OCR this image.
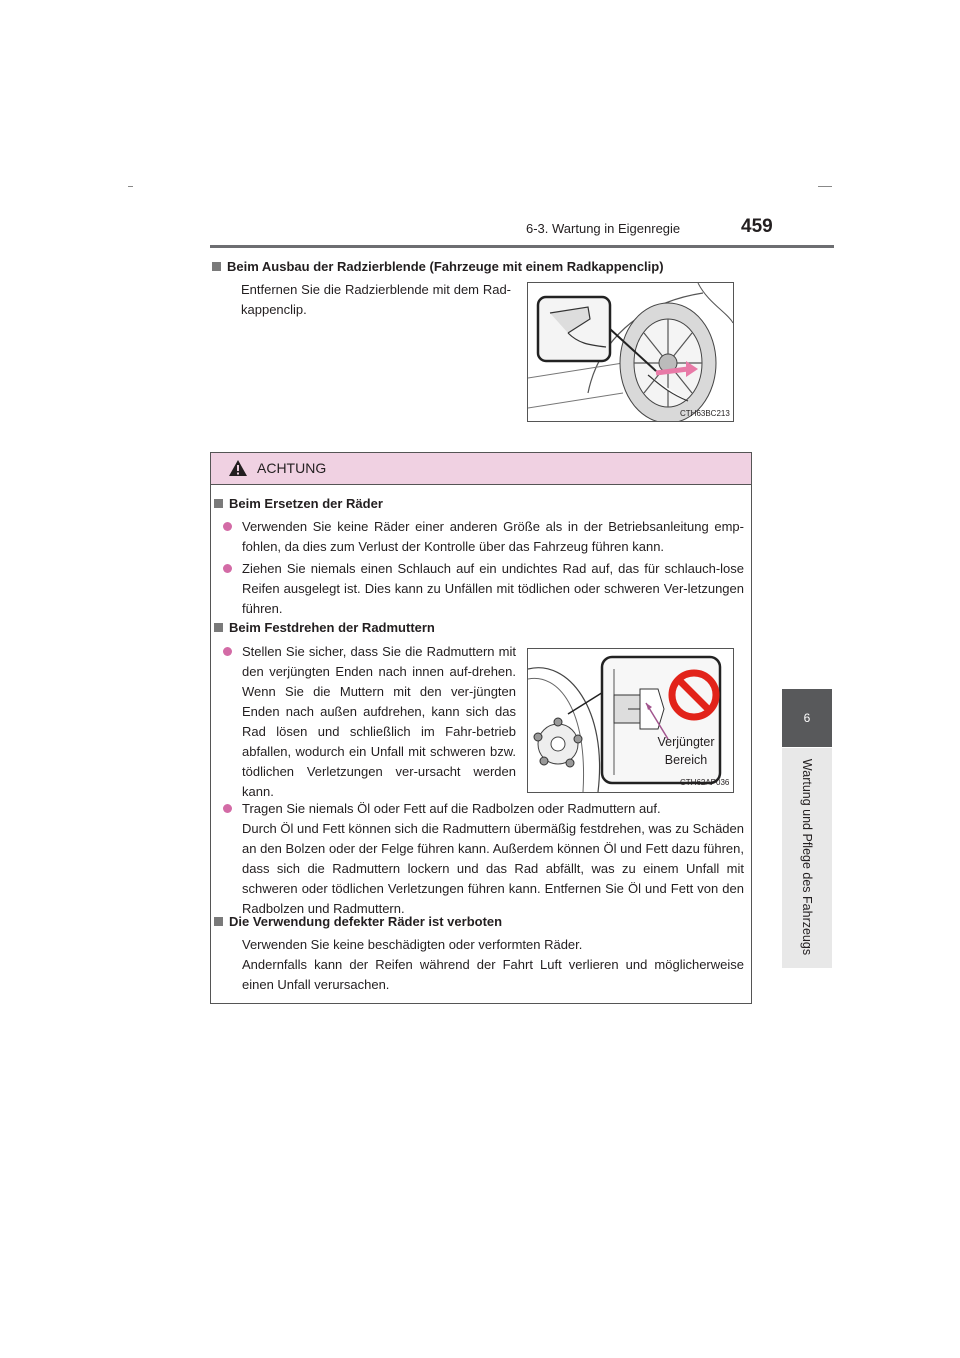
6-3. Wartung in Eigenregie	459
6
Wartung und Pflege des Fahrzeugs
Beim Ausbau der Radzierblende (Fahrzeuge mit einem Radkappenclip)
Entfernen Sie die Radzierblende mit dem Rad-kappenclip.
CTH63BC213
ACHTUNG
Beim Ersetzen der Räder
Verwenden Sie keine Räder einer anderen Größe als in der Betriebsanleitung emp-fohlen, da dies zum Verlust der Kontrolle über das Fahrzeug führen kann.
Ziehen Sie niemals einen Schlauch auf ein undichtes Rad auf, das für schlauch-lose Reifen ausgelegt ist. Dies kann zu Unfällen mit tödlichen oder schweren Ver-letzungen führen.
Beim Festdrehen der Radmuttern
Stellen Sie sicher, dass Sie die Radmuttern mit den verjüngten Enden nach innen auf-drehen. Wenn Sie die Muttern mit den ver-jüngten Enden nach außen aufdrehen, kann sich das Rad lösen und schließlich im Fahr-betrieb abfallen, wodurch ein Unfall mit schweren bzw. tödlichen Verletzungen ver-ursacht werden kann.
Verjüngter
Bereich
CTH62AP036
Tragen Sie niemals Öl oder Fett auf die Radbolzen oder Radmuttern auf.
Durch Öl und Fett können sich die Radmuttern übermäßig festdrehen, was zu Schäden an den Bolzen oder der Felge führen kann. Außerdem können Öl und Fett dazu führen, dass sich die Radmuttern lockern und das Rad abfällt, was zu einem Unfall mit schweren oder tödlichen Verletzungen führen kann. Entfernen Sie Öl und Fett von den Radbolzen und Radmuttern.
Die Verwendung defekter Räder ist verboten
Verwenden Sie keine beschädigten oder verformten Räder.
Andernfalls kann der Reifen während der Fahrt Luft verlieren und möglicherweise einen Unfall verursachen.
